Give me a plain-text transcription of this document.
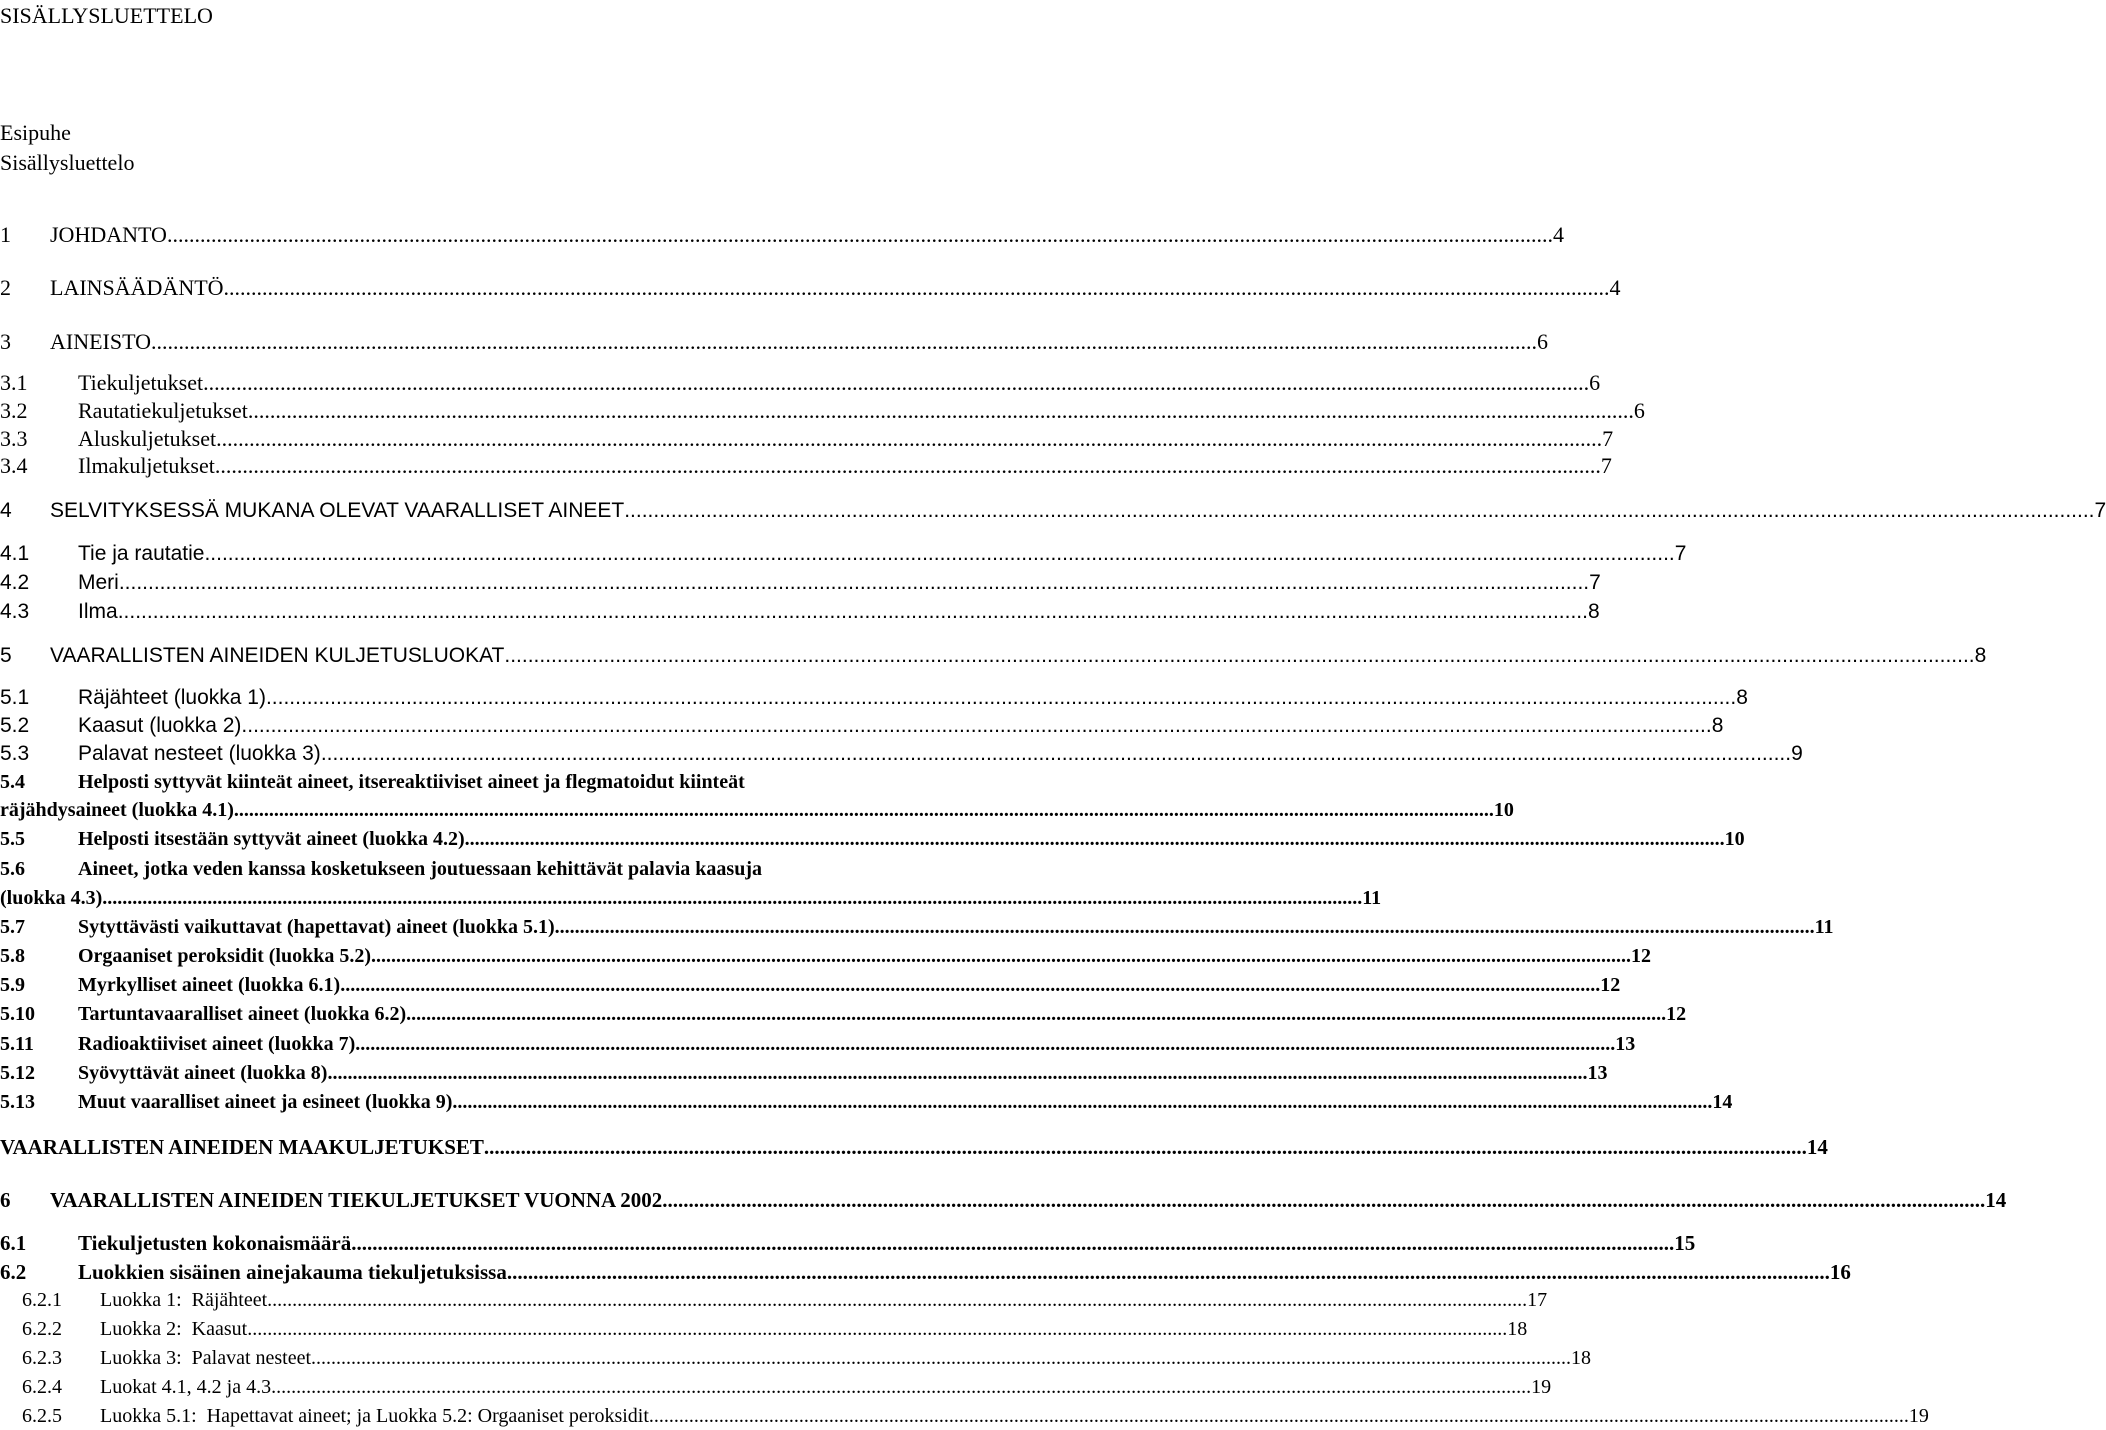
SISÄLLYSLUETTELO
Esipuhe
Sisällysluettelo
1	JOHDANTO .....	4
2	LAINSÄÄDÄNTÖ .....	4
3	AINEISTO .....	6
3.1	Tiekuljetukset .....	6
3.2	Rautatiekuljetukset .....	6
3.3	Aluskuljetukset .....	7
3.4	Ilmakuljetukset .....	7
4	SELVITYKSESSÄ MUKANA OLEVAT VAARALLISET AINEET .....	7
4.1	Tie ja rautatie .....	7
4.2	Meri .....	7
4.3	Ilma .....	8
5	VAARALLISTEN AINEIDEN KULJETUSLUOKAT .....	8
5.1	Räjähteet (luokka 1) .....	8
5.2	Kaasut (luokka 2) .....	8
5.3	Palavat nesteet (luokka 3) .....	9
5.4	Helposti syttyvät kiinteät aineet, itsereaktiiviset aineet ja flegmatoidut kiinteät
räjähdysaineet (luokka 4.1) .....	10
5.5	Helposti itsestään syttyvät aineet (luokka 4.2) .....	10
5.6	Aineet, jotka veden kanssa kosketukseen joutuessaan kehittävät palavia kaasuja
(luokka 4.3) .....	11
5.7	Sytyttävästi vaikuttavat (hapettavat) aineet (luokka 5.1) .....	11
5.8	Orgaaniset peroksidit (luokka 5.2) .....	12
5.9	Myrkylliset aineet (luokka 6.1) .....	12
5.10	Tartuntavaaralliset aineet (luokka 6.2) .....	12
5.11	Radioaktiiviset aineet (luokka 7) .....	13
5.12	Syövyttävät aineet (luokka 8) .....	13
5.13	Muut vaaralliset aineet ja esineet (luokka 9) .....	14
VAARALLISTEN AINEIDEN MAAKULJETUKSET .....	14
6	VAARALLISTEN AINEIDEN TIEKULJETUKSET VUONNA 2002 .....	14
6.1	Tiekuljetusten kokonaismäärä .....	15
6.2	Luokkien sisäinen ainejakauma tiekuljetuksissa .....	16
6.2.1	Luokka 1:  Räjähteet .....	17
6.2.2	Luokka 2:  Kaasut .....	18
6.2.3	Luokka 3:  Palavat nesteet .....	18
6.2.4	Luokat 4.1, 4.2 ja 4.3 .....	19
6.2.5	Luokka 5.1:  Hapettavat aineet; ja Luokka 5.2: Orgaaniset peroksidit .....	19
